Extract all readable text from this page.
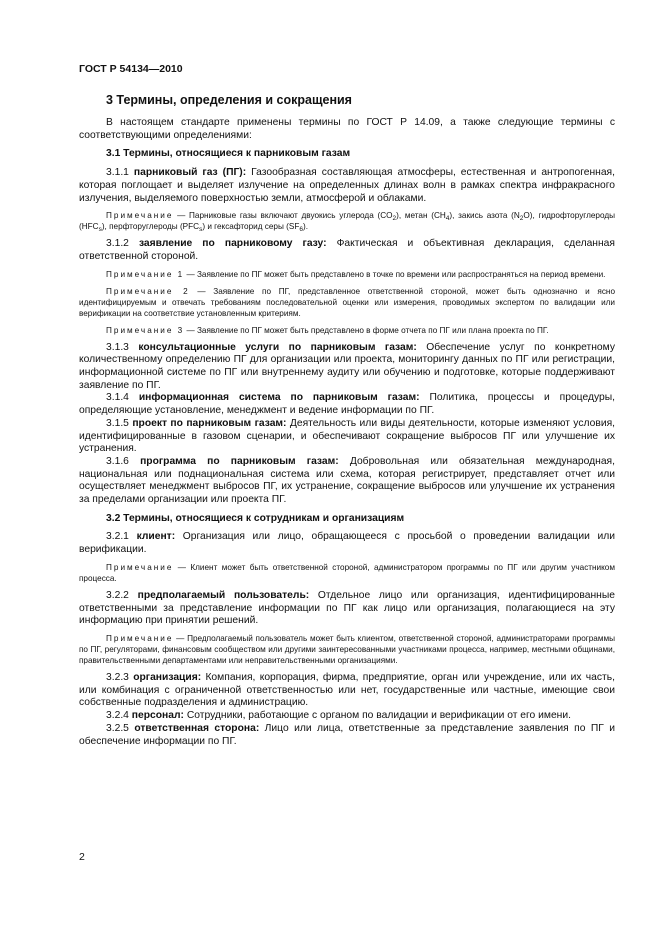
ГОСТ Р 54134—2010
3 Термины, определения и сокращения

В настоящем стандарте применены термины по ГОСТ Р 14.09, а также следующие термины с соответствующими определениями:

3.1 Термины, относящиеся к парниковым газам

3.1.1 парниковый газ (ПГ): Газообразная составляющая атмосферы, естественная и антропогенная, которая поглощает и выделяет излучение на определенных длинах волн в рамках спектра инфракрасного излучения, выделяемого поверхностью земли, атмосферой и облаками.

Примечание — Парниковые газы включают двуокись углерода $(CO_2)$, метан $(CH_4)$, закись азота $(N_2O)$, гидрофторуглероды $(HFC_s)$, перфторуглероды $(PFC_s)$ и гексафторид серы $(SF_6)$.

3.1.2 заявление по парниковому газу: Фактическая и объективная декларация, сделанная ответственной стороной.

Примечание 1 — Заявление по ПГ может быть представлено в точке по времени или распространяться на период времени.

Примечание 2 — Заявление по ПГ, представленное ответственной стороной, может быть однозначно и ясно идентифицируемым и отвечать требованиям последовательной оценки или измерения, проводимых экспертом по валидации или верификации на соответствие установленным критериям.

Примечание 3 — Заявление по ПГ может быть представлено в форме отчета по ПГ или плана проекта по ПГ.

3.1.3 консультационные услуги по парниковым газам: Обеспечение услуг по конкретному количественному определению ПГ для организации или проекта, мониторингу данных по ПГ или регистрации, информационной системе по ПГ или внутреннему аудиту или обучению и подготовке, которые поддерживают заявление по ПГ.

3.1.4 информационная система по парниковым газам: Политика, процессы и процедуры, определяющие установление, менеджмент и ведение информации по ПГ.

3.1.5 проект по парниковым газам: Деятельность или виды деятельности, которые изменяют условия, идентифицированные в газовом сценарии, и обеспечивают сокращение выбросов ПГ или улучшение их устранения.

3.1.6 программа по парниковым газам: Добровольная или обязательная международная, национальная или поднациональная система или схема, которая регистрирует, представляет отчет или осуществляет менеджмент выбросов ПГ, их устранение, сокращение выбросов или улучшение их устранения за пределами организации или проекта ПГ.

3.2 Термины, относящиеся к сотрудникам и организациям

3.2.1 клиент: Организация или лицо, обращающееся с просьбой о проведении валидации или верификации.

Примечание — Клиент может быть ответственной стороной, администратором программы по ПГ или другим участником процесса.

3.2.2 предполагаемый пользователь: Отдельное лицо или организация, идентифицированные ответственными за представление информации по ПГ как лицо или организация, полагающиеся на эту информацию при принятии решений.

Примечание — Предполагаемый пользователь может быть клиентом, ответственной стороной, администраторами программы по ПГ, регуляторами, финансовым сообществом или другими заинтересованными участниками процесса, например, местными общинами, правительственными департаментами или неправительственными организациями.

3.2.3 организация: Компания, корпорация, фирма, предприятие, орган или учреждение, или их часть, или комбинация с ограниченной ответственностью или нет, государственные или частные, имеющие свои собственные подразделения и администрацию.

3.2.4 персонал: Сотрудники, работающие с органом по валидации и верификации от его имени.

3.2.5 ответственная сторона: Лицо или лица, ответственные за представление заявления по ПГ и обеспечение информации по ПГ.

2
